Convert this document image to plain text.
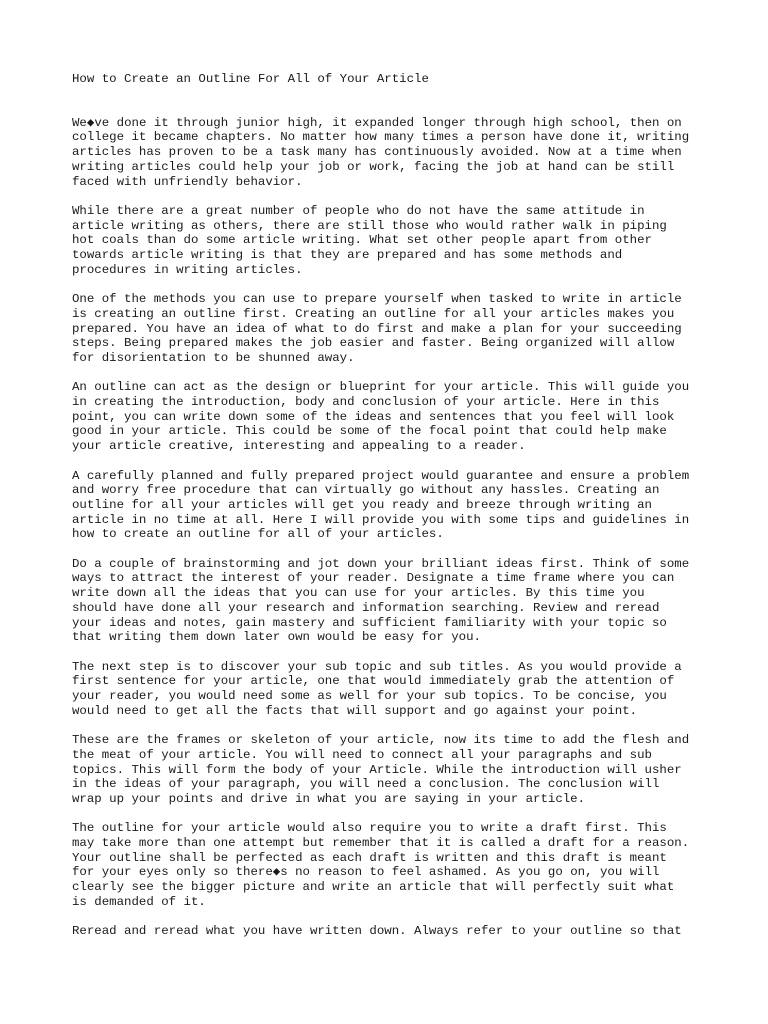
How to Create an Outline For All of Your Article

We◆ve done it through junior high, it expanded longer through high school, then on
college it became chapters. No matter how many times a person have done it, writing
articles has proven to be a task many has continuously avoided. Now at a time when
writing articles could help your job or work, facing the job at hand can be still
faced with unfriendly behavior.

While there are a great number of people who do not have the same attitude in
article writing as others, there are still those who would rather walk in piping
hot coals than do some article writing. What set other people apart from other
towards article writing is that they are prepared and has some methods and
procedures in writing articles.

One of the methods you can use to prepare yourself when tasked to write in article
is creating an outline first. Creating an outline for all your articles makes you
prepared. You have an idea of what to do first and make a plan for your succeeding
steps. Being prepared makes the job easier and faster. Being organized will allow
for disorientation to be shunned away.

An outline can act as the design or blueprint for your article. This will guide you
in creating the introduction, body and conclusion of your article. Here in this
point, you can write down some of the ideas and sentences that you feel will look
good in your article. This could be some of the focal point that could help make
your article creative, interesting and appealing to a reader.

A carefully planned and fully prepared project would guarantee and ensure a problem
and worry free procedure that can virtually go without any hassles. Creating an
outline for all your articles will get you ready and breeze through writing an
article in no time at all. Here I will provide you with some tips and guidelines in
how to create an outline for all of your articles.

Do a couple of brainstorming and jot down your brilliant ideas first. Think of some
ways to attract the interest of your reader. Designate a time frame where you can
write down all the ideas that you can use for your articles. By this time you
should have done all your research and information searching. Review and reread
your ideas and notes, gain mastery and sufficient familiarity with your topic so
that writing them down later own would be easy for you.

The next step is to discover your sub topic and sub titles. As you would provide a
first sentence for your article, one that would immediately grab the attention of
your reader, you would need some as well for your sub topics. To be concise, you
would need to get all the facts that will support and go against your point.

These are the frames or skeleton of your article, now its time to add the flesh and
the meat of your article. You will need to connect all your paragraphs and sub
topics. This will form the body of your Article. While the introduction will usher
in the ideas of your paragraph, you will need a conclusion. The conclusion will
wrap up your points and drive in what you are saying in your article.

The outline for your article would also require you to write a draft first. This
may take more than one attempt but remember that it is called a draft for a reason.
Your outline shall be perfected as each draft is written and this draft is meant
for your eyes only so there◆s no reason to feel ashamed. As you go on, you will
clearly see the bigger picture and write an article that will perfectly suit what
is demanded of it.

Reread and reread what you have written down. Always refer to your outline so that
